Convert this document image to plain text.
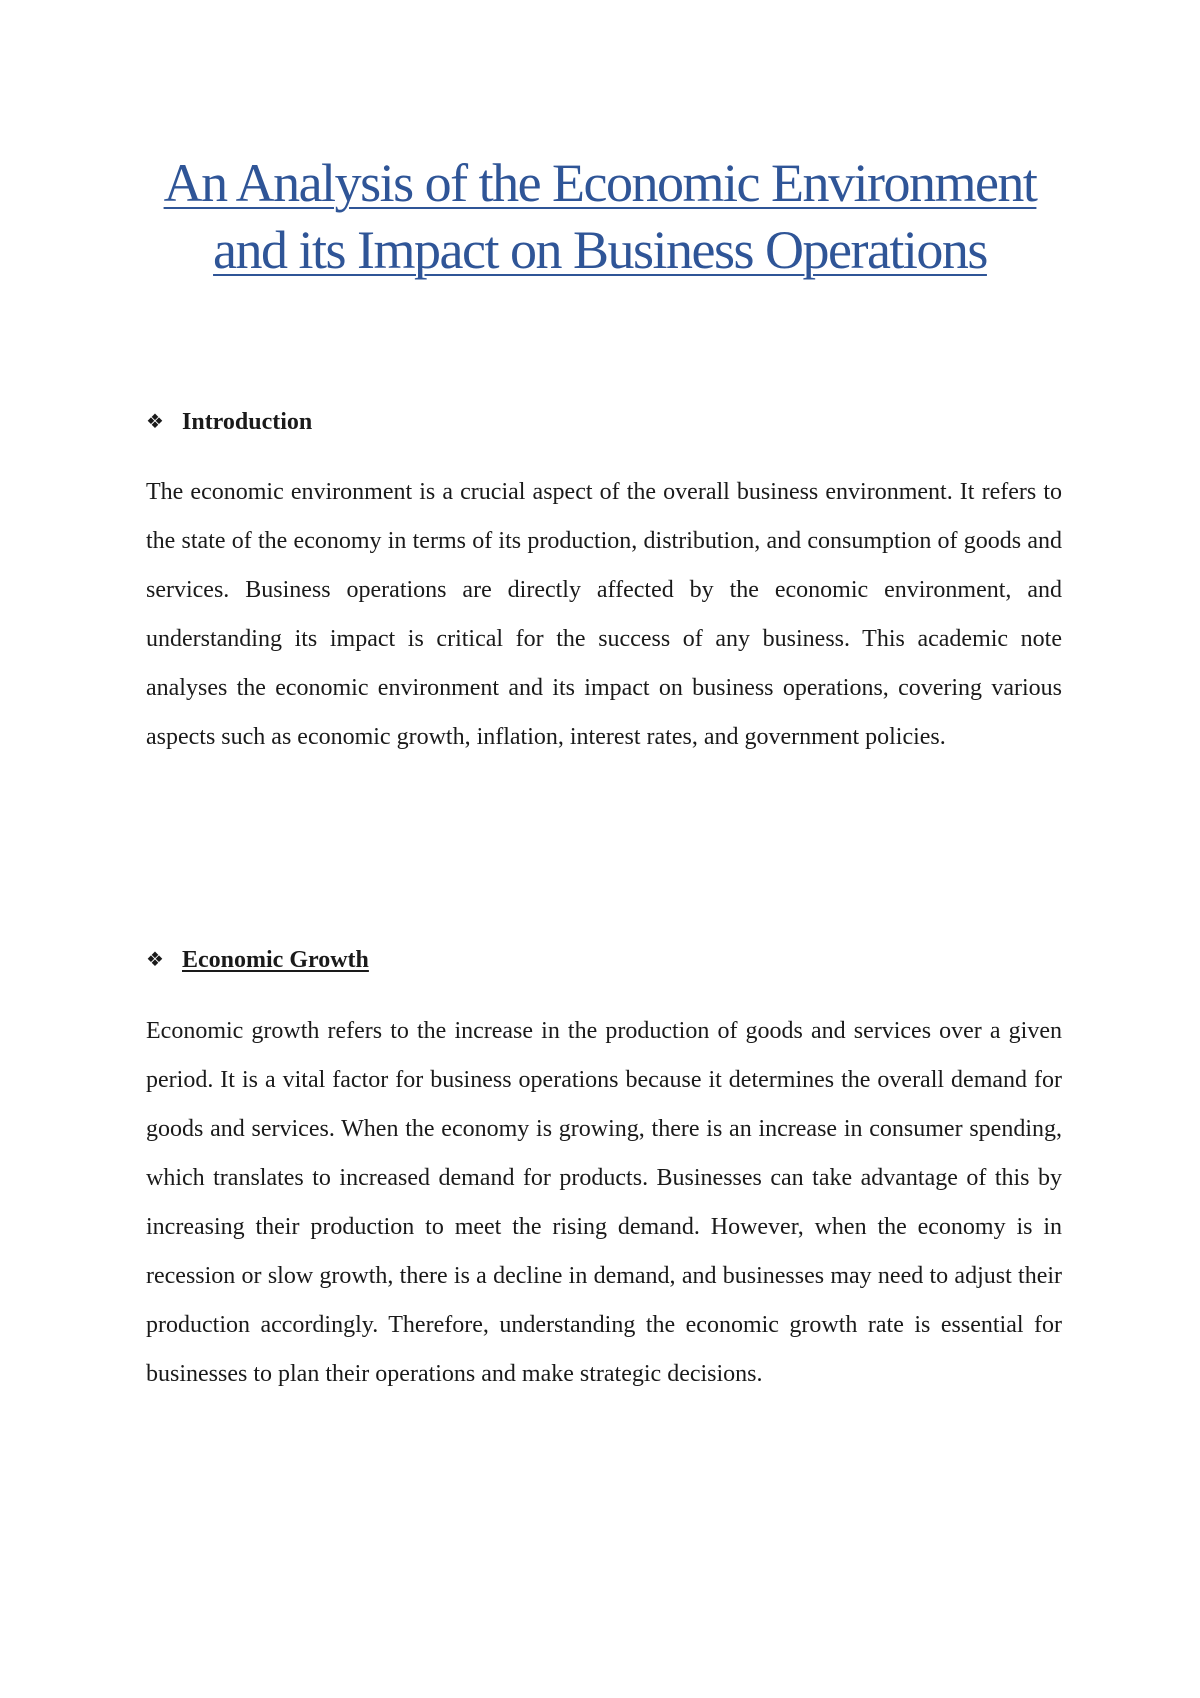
An Analysis of the Economic Environment and its Impact on Business Operations
❖ Introduction

The economic environment is a crucial aspect of the overall business environment. It refers to the state of the economy in terms of its production, distribution, and consumption of goods and services. Business operations are directly affected by the economic environment, and understanding its impact is critical for the success of any business. This academic note analyses the economic environment and its impact on business operations, covering various aspects such as economic growth, inflation, interest rates, and government policies.

❖ Economic Growth

Economic growth refers to the increase in the production of goods and services over a given period. It is a vital factor for business operations because it determines the overall demand for goods and services. When the economy is growing, there is an increase in consumer spending, which translates to increased demand for products. Businesses can take advantage of this by increasing their production to meet the rising demand. However, when the economy is in recession or slow growth, there is a decline in demand, and businesses may need to adjust their production accordingly. Therefore, understanding the economic growth rate is essential for businesses to plan their operations and make strategic decisions.
